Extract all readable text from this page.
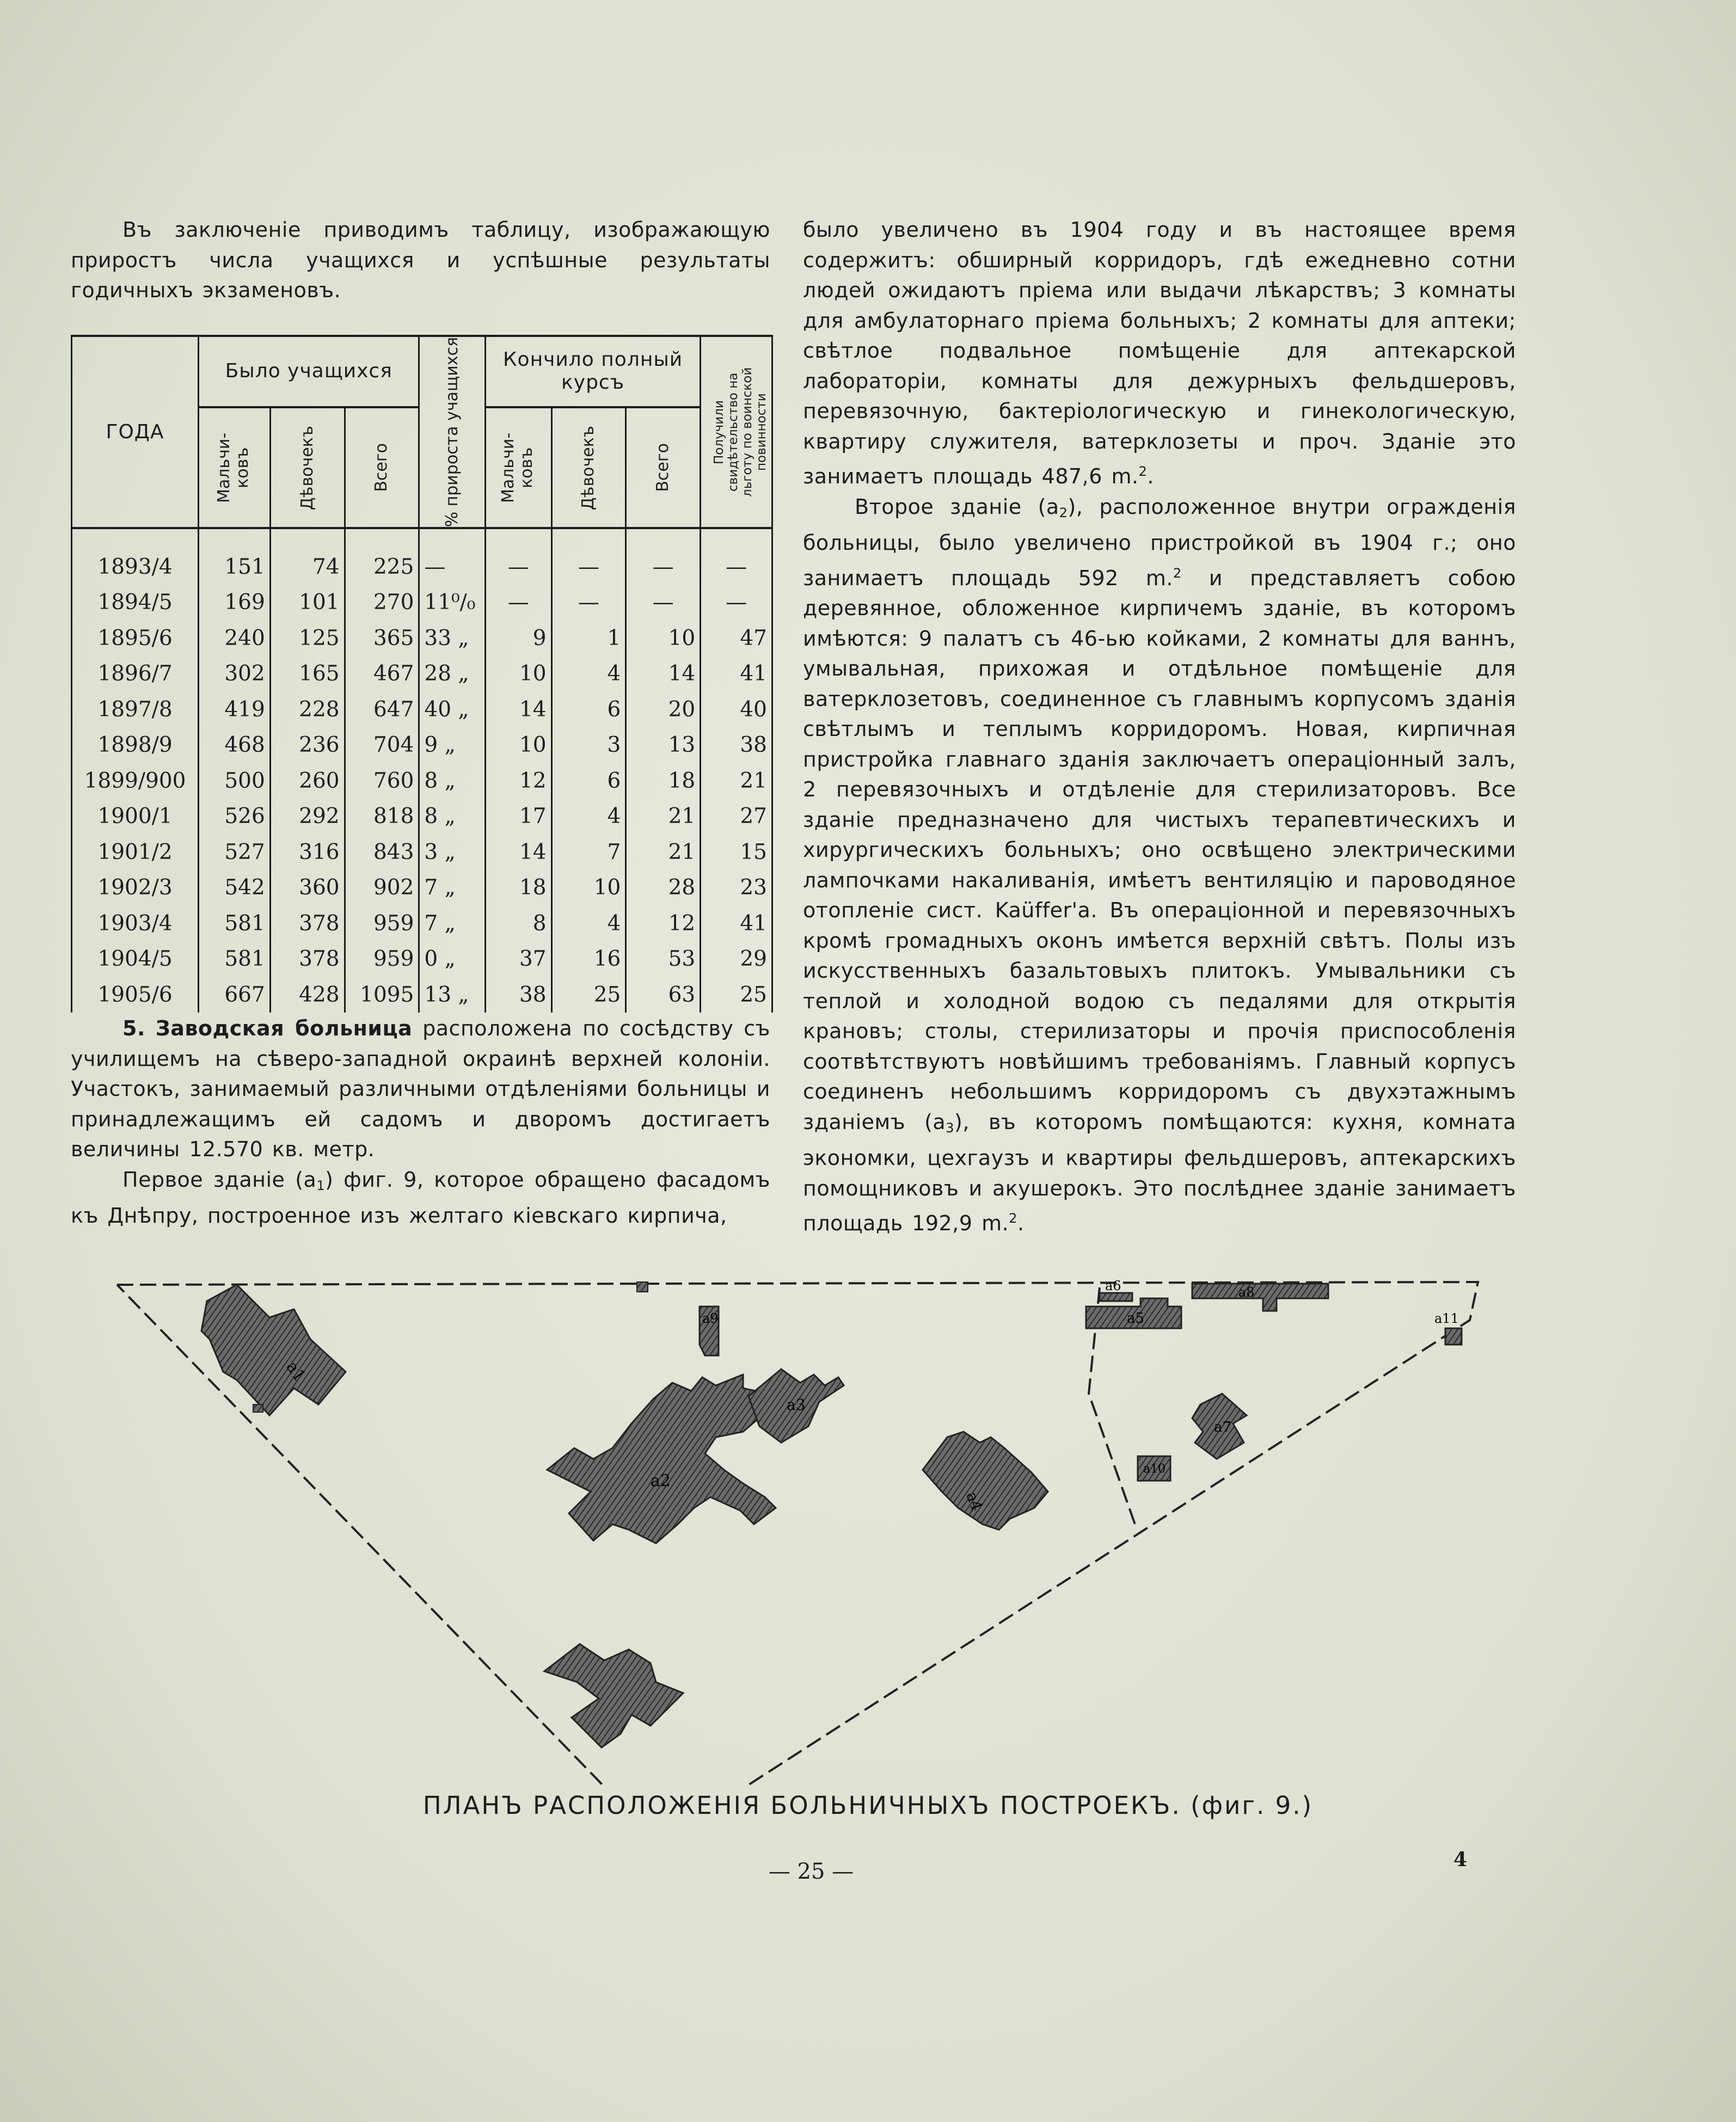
Въ заключеніе приводимъ таблицу, изображающую приростъ числа учащихся и успѣшные результаты годичныхъ экзаменовъ.

ГОДА	Было учащихся			% прироста учащихся	Кончило полный курсъ			Получили свидѣтельство на льготу по воинской повинности

	Мальчи-ковъ	Дѣвочекъ	Всего		Мальчи-ковъ	Дѣвочекъ	Всего	

1893/4	151	74	225	—	—	—	—	—
1894/5	169	101	270	11⁰/₀	—	—	—	—
1895/6	240	125	365	33 „	9	1	10	47
1896/7	302	165	467	28 „	10	4	14	41
1897/8	419	228	647	40 „	14	6	20	40
1898/9	468	236	704	9 „	10	3	13	38
1899/900	500	260	760	8 „	12	6	18	21
1900/1	526	292	818	8 „	17	4	21	27
1901/2	527	316	843	3 „	14	7	21	15
1902/3	542	360	902	7 „	18	10	28	23
1903/4	581	378	959	7 „	8	4	12	41
1904/5	581	378	959	0 „	37	16	53	29
1905/6	667	428	1095	13 „	38	25	63	25

5. Заводская больница расположена по сосѣдству съ училищемъ на сѣверо-западной окраинѣ верхней колоніи. Участокъ, занимаемый различными отдѣленіями больницы и принадлежащимъ ей садомъ и дворомъ достигаетъ величины 12.570 кв. метр.

Первое зданіе $(a_1)$ фиг. 9, которое обращено фасадомъ къ Днѣпру, построенное изъ желтаго кіевскаго кирпича,

было увеличено въ 1904 году и въ настоящее время содержитъ: обширный корридоръ, гдѣ ежедневно сотни людей ожидаютъ пріема или выдачи лѣкарствъ; 3 комнаты для амбулаторнаго пріема больныхъ; 2 комнаты для аптеки; свѣтлое подвальное помѣщеніе для аптекарской лабораторіи, комнаты для дежурныхъ фельдшеровъ, перевязочную, бактеріологическую и гинекологическую, квартиру служителя, ватерклозеты и проч. Зданіе это занимаетъ площадь 487,6 m.$^2$.

Второе зданіе $(a_2)$, расположенное внутри огражденія больницы, было увеличено пристройкой въ 1904 г.; оно занимаетъ площадь 592 m.$^2$ и представляетъ собою деревянное, обложенное кирпичемъ зданіе, въ которомъ имѣются: 9 палатъ съ 46-ью койками, 2 комнаты для ваннъ, умывальная, прихожая и отдѣльное помѣщеніе для ватерклозетовъ, соединенное съ главнымъ корпусомъ зданія свѣтлымъ и теплымъ корридоромъ. Новая, кирпичная пристройка главнаго зданія заключаетъ операціонный залъ, 2 перевязочныхъ и отдѣленіе для стерилизаторовъ. Все зданіе предназначено для чистыхъ терапевтическихъ и хирургическихъ больныхъ; оно освѣщено электрическими лампочками накаливанія, имѣетъ вентиляцію и пароводяное отопленіе сист. Kaüffer'a. Въ операціонной и перевязочныхъ кромѣ громадныхъ оконъ имѣется верхній свѣтъ. Полы изъ искусственныхъ базальтовыхъ плитокъ. Умывальники съ теплой и холодной водою съ педалями для открытія крановъ; столы, стерилизаторы и прочія приспособленія соотвѣтствуютъ новѣйшимъ требованіямъ. Главный корпусъ соединенъ небольшимъ корридоромъ съ двухэтажнымъ зданіемъ $(a_3)$, въ которомъ помѣщаются: кухня, комната экономки, цехгаузъ и квартиры фельдшеровъ, аптекарскихъ помощниковъ и акушерокъ. Это послѣднее зданіе занимаетъ площадь 192,9 m.$^2$.

a1
a2
a3
a4
a5
a6	a8
a9
a7
a10
a11
ПЛАНЪ РАСПОЛОЖЕНІЯ БОЛЬНИЧНЫХЪ ПОСТРОЕКЪ. (фиг. 9.)
— 25 —	4
